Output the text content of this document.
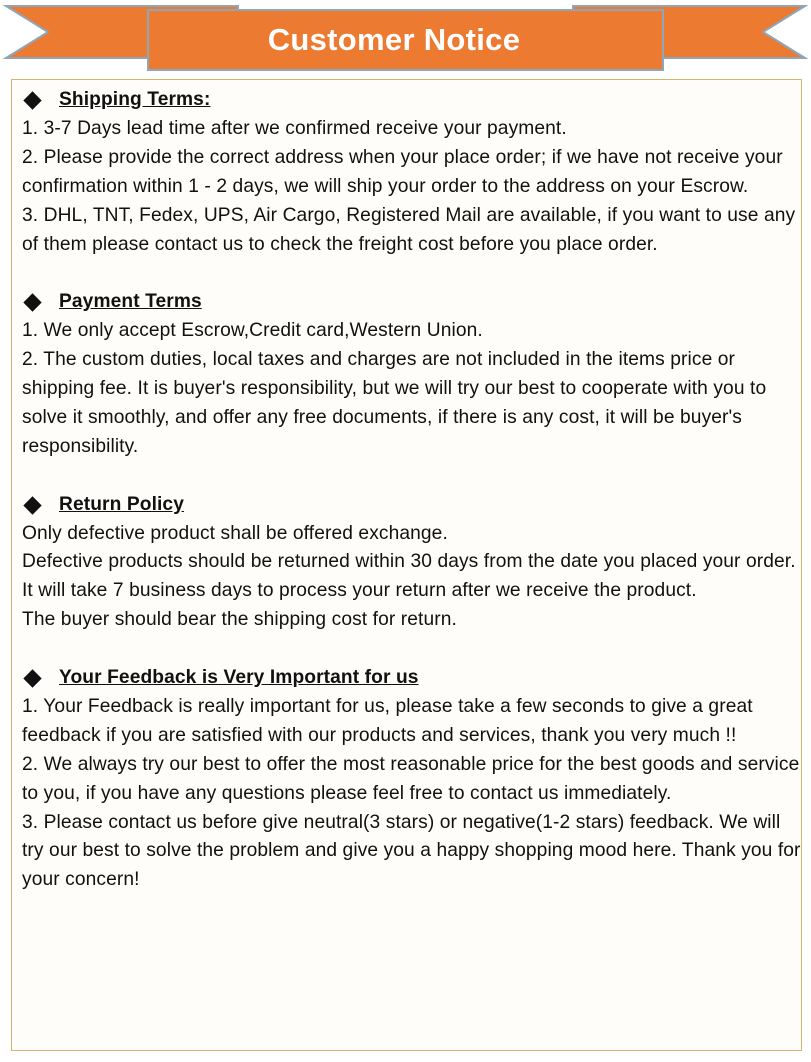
Customer Notice
Shipping Terms:

1. 3-7 Days lead time after we confirmed receive your payment.

2. Please provide the correct address when your place order; if we have not receive your confirmation within 1 - 2 days, we will ship your order to the address on your Escrow.

3. DHL, TNT, Fedex, UPS, Air Cargo, Registered Mail are available, if you want to use any of them please contact us to check the freight cost before you place order.

Payment Terms

1. We only accept Escrow,Credit card,Western Union.

2. The custom duties, local taxes and charges are not included in the items price or shipping fee. It is buyer's responsibility, but we will try our best to cooperate with you to solve it smoothly, and offer any free documents, if there is any cost, it will be buyer's responsibility.

Return Policy

Only defective product shall be offered exchange.

Defective products should be returned within 30 days from the date you placed your order.

It will take 7 business days to process your return after we receive the product.

The buyer should bear the shipping cost for return.

Your Feedback is Very Important for us

1. Your Feedback is really important for us, please take a few seconds to give a great feedback if you are satisfied with our products and services, thank you very much !!

2. We always try our best to offer the most reasonable price for the best goods and service to you, if you have any questions please feel free to contact us immediately.

3. Please contact us before give neutral(3 stars) or negative(1-2 stars) feedback. We will try our best to solve the problem and give you a happy shopping mood here. Thank you for your concern!
